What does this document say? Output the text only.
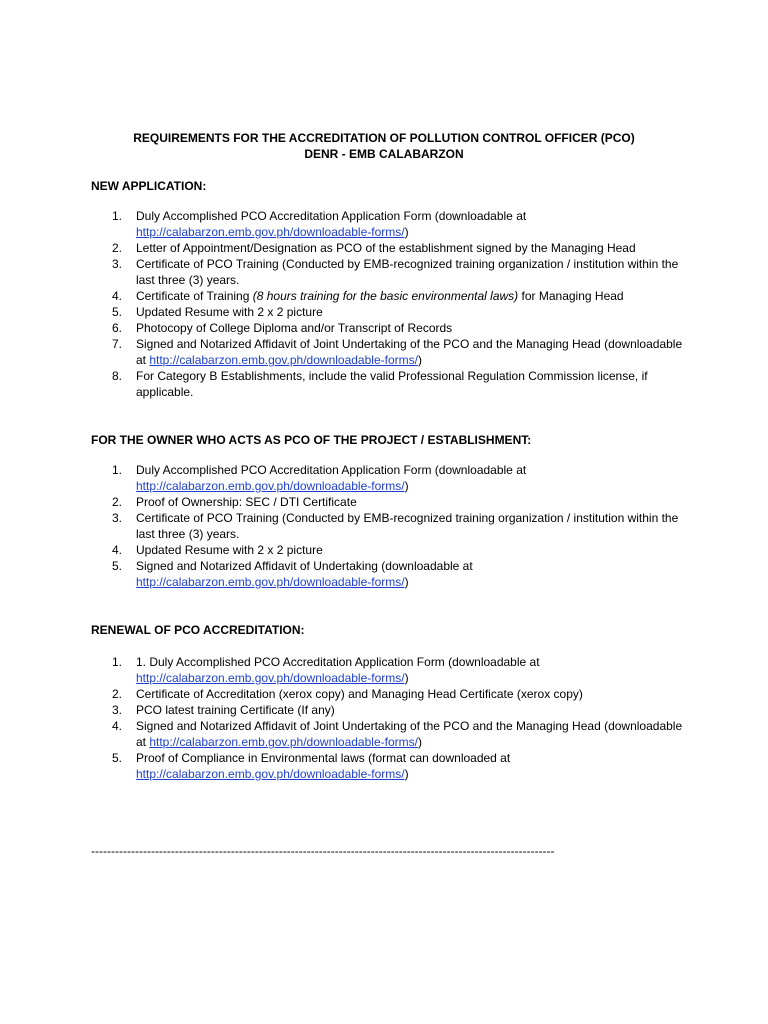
REQUIREMENTS FOR THE ACCREDITATION OF POLLUTION CONTROL OFFICER (PCO)
DENR - EMB CALABARZON
NEW APPLICATION:
1.	Duly Accomplished PCO Accreditation Application Form (downloadable at
http://calabarzon.emb.gov.ph/downloadable-forms/)
2.	Letter of Appointment/Designation as PCO of the establishment signed by the Managing Head
3.	Certificate of PCO Training (Conducted by EMB-recognized training organization / institution within the last three (3) years.
4.	Certificate of Training (8 hours training for the basic environmental laws) for Managing Head
5.	Updated Resume with 2 x 2 picture
6.	Photocopy of College Diploma and/or Transcript of Records
7.	Signed and Notarized Affidavit of Joint Undertaking of the PCO and the Managing Head (downloadable at http://calabarzon.emb.gov.ph/downloadable-forms/)
8.	For Category B Establishments, include the valid Professional Regulation Commission license, if applicable.
FOR THE OWNER WHO ACTS AS PCO OF THE PROJECT / ESTABLISHMENT:
1.	Duly Accomplished PCO Accreditation Application Form (downloadable at
http://calabarzon.emb.gov.ph/downloadable-forms/)
2.	Proof of Ownership: SEC / DTI Certificate
3.	Certificate of PCO Training (Conducted by EMB-recognized training organization / institution within the last three (3) years.
4.	Updated Resume with 2 x 2 picture
5.	Signed and Notarized Affidavit of Undertaking (downloadable at
http://calabarzon.emb.gov.ph/downloadable-forms/)
RENEWAL OF PCO ACCREDITATION:
1.	1. Duly Accomplished PCO Accreditation Application Form (downloadable at
http://calabarzon.emb.gov.ph/downloadable-forms/)
2.	Certificate of Accreditation (xerox copy) and Managing Head Certificate (xerox copy)
3.	PCO latest training Certificate (If any)
4.	Signed and Notarized Affidavit of Joint Undertaking of the PCO and the Managing Head (downloadable at http://calabarzon.emb.gov.ph/downloadable-forms/)
5.	Proof of Compliance in Environmental laws (format can downloaded at
http://calabarzon.emb.gov.ph/downloadable-forms/)
--------------------------------------------------------------------------------------------------------------------
